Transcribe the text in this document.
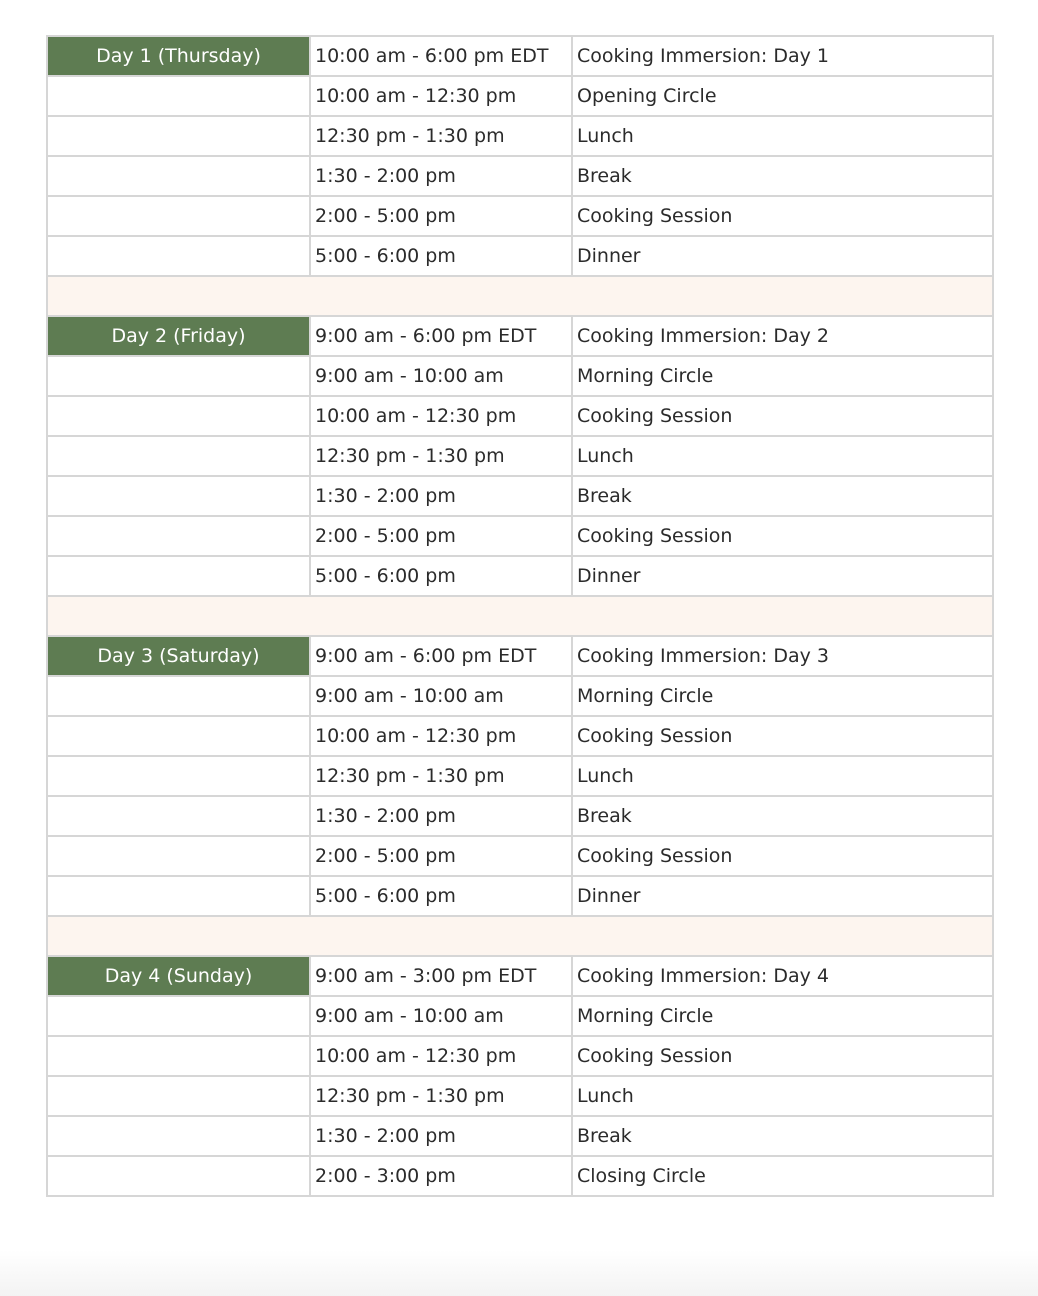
Day 1 (Thursday)	10:00 am - 6:00 pm EDT	Cooking Immersion: Day 1
	10:00 am - 12:30 pm	Opening Circle
	12:30 pm - 1:30 pm	Lunch
	1:30 - 2:00 pm	Break
	2:00 - 5:00 pm	Cooking Session
	5:00 - 6:00 pm	Dinner

Day 2 (Friday)	9:00 am - 6:00 pm EDT	Cooking Immersion: Day 2
	9:00 am - 10:00 am	Morning Circle
	10:00 am - 12:30 pm	Cooking Session
	12:30 pm - 1:30 pm	Lunch
	1:30 - 2:00 pm	Break
	2:00 - 5:00 pm	Cooking Session
	5:00 - 6:00 pm	Dinner

Day 3 (Saturday)	9:00 am - 6:00 pm EDT	Cooking Immersion: Day 3
	9:00 am - 10:00 am	Morning Circle
	10:00 am - 12:30 pm	Cooking Session
	12:30 pm - 1:30 pm	Lunch
	1:30 - 2:00 pm	Break
	2:00 - 5:00 pm	Cooking Session
	5:00 - 6:00 pm	Dinner

Day 4 (Sunday)	9:00 am - 3:00 pm EDT	Cooking Immersion: Day 4
	9:00 am - 10:00 am	Morning Circle
	10:00 am - 12:30 pm	Cooking Session
	12:30 pm - 1:30 pm	Lunch
	1:30 - 2:00 pm	Break
	2:00 - 3:00 pm	Closing Circle
